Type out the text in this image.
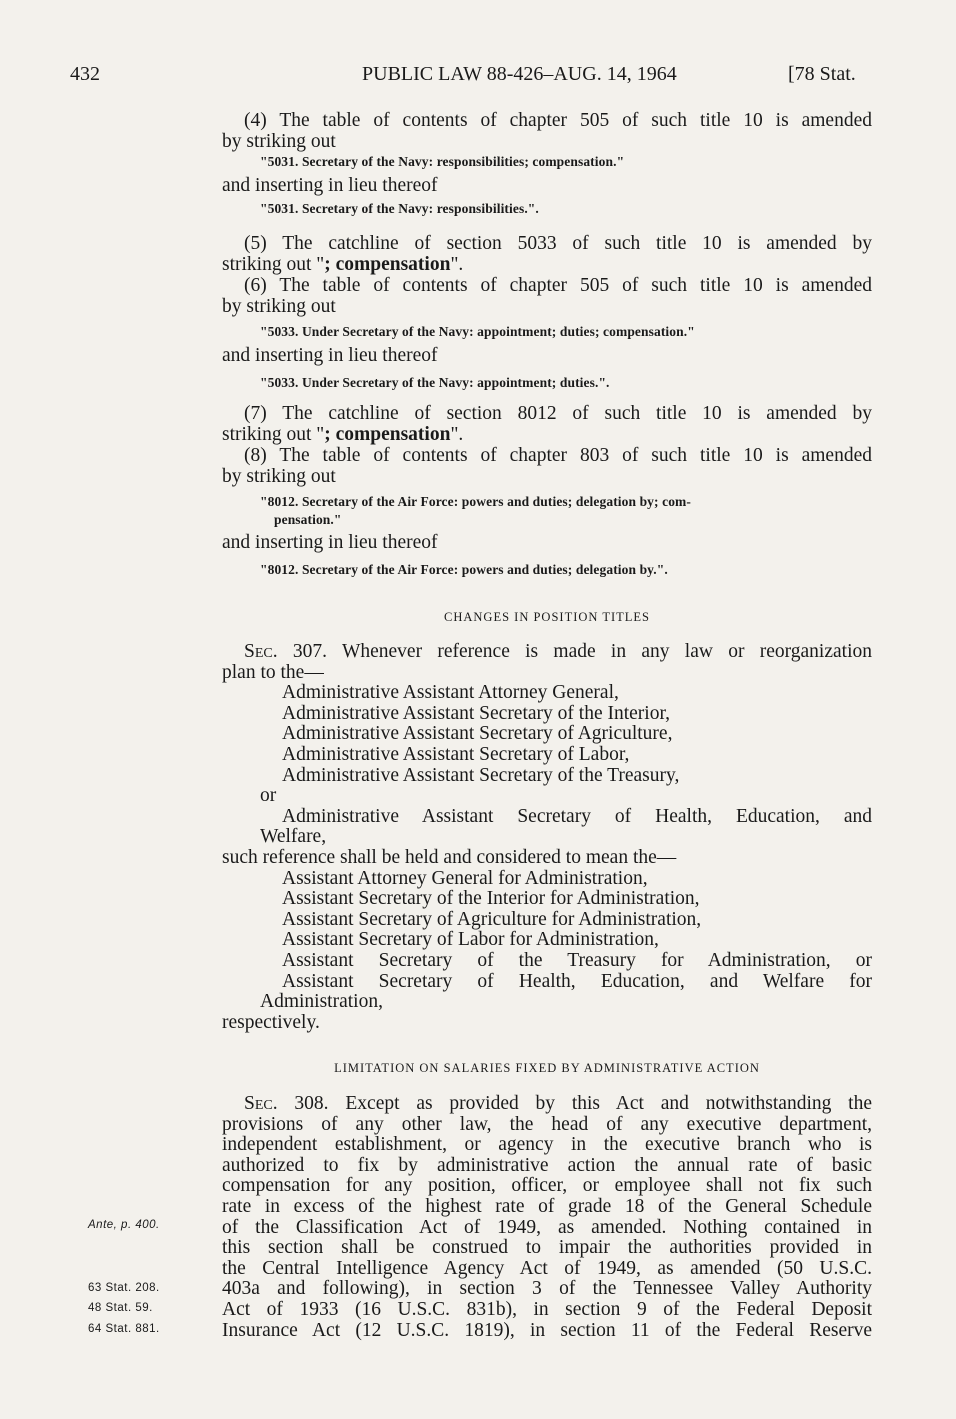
432	PUBLIC LAW 88-426–AUG. 14, 1964	[78 Stat.
(4) The table of contents of chapter 505 of such title 10 is amended
by striking out
"5031. Secretary of the Navy: responsibilities; compensation."
and inserting in lieu thereof
"5031. Secretary of the Navy: responsibilities.".
(5) The catchline of section 5033 of such title 10 is amended by
striking out "; compensation".
(6) The table of contents of chapter 505 of such title 10 is amended
by striking out
"5033. Under Secretary of the Navy: appointment; duties; compensation."
and inserting in lieu thereof
"5033. Under Secretary of the Navy: appointment; duties.".
(7) The catchline of section 8012 of such title 10 is amended by
striking out "; compensation".
(8) The table of contents of chapter 803 of such title 10 is amended
by striking out
"8012. Secretary of the Air Force: powers and duties; delegation by; com-
pensation."
and inserting in lieu thereof
"8012. Secretary of the Air Force: powers and duties; delegation by.".
CHANGES IN POSITION TITLES
Sec. 307. Whenever reference is made in any law or reorganization
plan to the—
Administrative Assistant Attorney General,
Administrative Assistant Secretary of the Interior,
Administrative Assistant Secretary of Agriculture,
Administrative Assistant Secretary of Labor,
Administrative Assistant Secretary of the Treasury,
or
Administrative Assistant Secretary of Health, Education, and
Welfare,
such reference shall be held and considered to mean the—
Assistant Attorney General for Administration,
Assistant Secretary of the Interior for Administration,
Assistant Secretary of Agriculture for Administration,
Assistant Secretary of Labor for Administration,
Assistant Secretary of the Treasury for Administration, or
Assistant Secretary of Health, Education, and Welfare for
Administration,
respectively.
LIMITATION ON SALARIES FIXED BY ADMINISTRATIVE ACTION
Sec. 308. Except as provided by this Act and notwithstanding the
provisions of any other law, the head of any executive department,
independent establishment, or agency in the executive branch who is
authorized to fix by administrative action the annual rate of basic
compensation for any position, officer, or employee shall not fix such
rate in excess of the highest rate of grade 18 of the General Schedule
of the Classification Act of 1949, as amended. Nothing contained in
this section shall be construed to impair the authorities provided in
the Central Intelligence Agency Act of 1949, as amended (50 U.S.C.
403a and following), in section 3 of the Tennessee Valley Authority
Act of 1933 (16 U.S.C. 831b), in section 9 of the Federal Deposit
Insurance Act (12 U.S.C. 1819), in section 11 of the Federal Reserve
Ante, p. 400.
63 Stat. 208.
48 Stat. 59.
64 Stat. 881.
